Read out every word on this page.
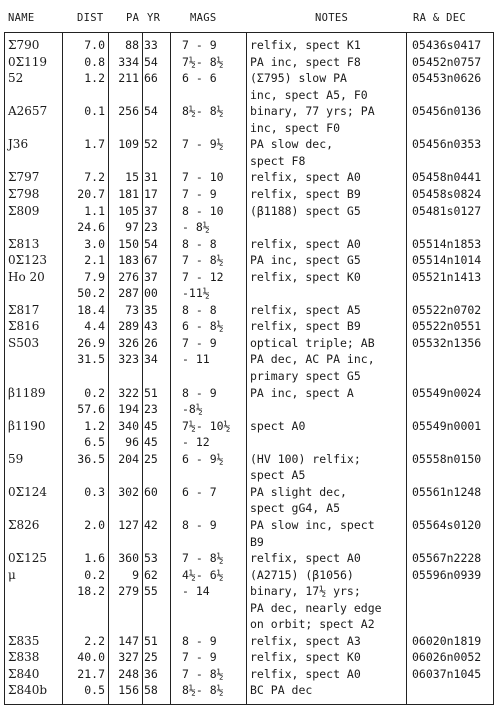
NAME	DIST PA YR	MAGS	NOTES	RA & DEC
Σ790	7.0	88 33	7 - 9	relfix, spect K1	05436s0417
0Σ119	0.8	334 54	7½- 8½	PA inc, spect F8	05452n0757
52	1.2	211 66	6 - 6	(Σ795) slow PA	05453n0626
inc, spect A5, F0
A2657	0.1	256 54	8½- 8½	binary, 77 yrs; PA	05456n0136
inc, spect F0
J36	1.7	109 52	7 - 9½	PA slow dec,	05456n0353
spect F8
Σ797	7.2	15 31	7 - 10	relfix, spect A0	05458n0441
Σ798	20.7	181 17	7 - 9	relfix, spect B9	05458s0824
Σ809	1.1	105 37	8 - 10	(β1188) spect G5	05481s0127
24.6	97 23	- 8½
Σ813	3.0	150 54	8 - 8	relfix, spect A0	05514n1853
0Σ123	2.1	183 67	7 - 8½	PA inc, spect G5	05514n1014
Ho 20	7.9	276 37	7 - 12	relfix, spect K0	05521n1413
50.2	287 00	-11½
Σ817	18.4	73 35	8 - 8	relfix, spect A5	05522n0702
Σ816	4.4	289 43	6 - 8½	relfix, spect B9	05522n0551
S503	26.9	326 26	7 - 9	optical triple; AB	05532n1356
31.5	323 34	- 11	PA dec, AC PA inc,
primary spect G5
β1189	0.2	322 51	8 - 9	PA inc, spect A	05549n0024
57.6	194 23	-8½
β1190	1.2	340 45	7½- 10½	spect A0	05549n0001
6.5	96 45	- 12
59	36.5	204 25	6 - 9½	(HV 100) relfix;	05558n0150
spect A5
0Σ124	0.3	302 60	6 - 7	PA slight dec,	05561n1248
spect gG4, A5
Σ826	2.0	127 42	8 - 9	PA slow inc, spect	05564s0120
B9
0Σ125	1.6	360 53	7 - 8½	relfix, spect A0	05567n2228
μ	0.2	9 62	4½- 6½	(A2715) (β1056)	05596n0939
18.2	279 55	- 14	binary, 17½ yrs;
PA dec, nearly edge
on orbit; spect A2
Σ835	2.2	147 51	8 - 9	relfix, spect A3	06020n1819
Σ838	40.0	327 25	7 - 9	relfix, spect K0	06026n0052
Σ840	21.7	248 36	7 - 8½	relfix, spect A0	06037n1045
Σ840b	0.5	156 58	8½- 8½	BC PA dec
